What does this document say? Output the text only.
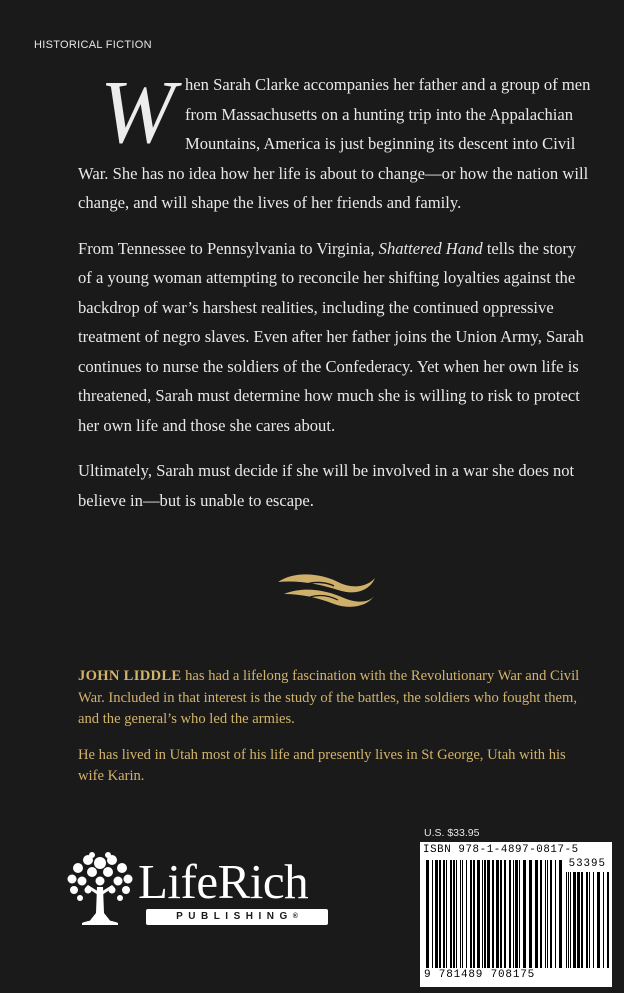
HISTORICAL FICTION

When Sarah Clarke accompanies her father and a group of men from Massachusetts on a hunting trip into the Appalachian Mountains, America is just beginning its descent into Civil War. She has no idea how her life is about to change—or how the nation will change, and will shape the lives of her friends and family.

From Tennessee to Pennsylvania to Virginia, Shattered Hand tells the story of a young woman attempting to reconcile her shifting loyalties against the backdrop of war’s harshest realities, including the continued oppressive treatment of negro slaves. Even after her father joins the Union Army, Sarah continues to nurse the soldiers of the Confederacy. Yet when her own life is threatened, Sarah must determine how much she is willing to risk to protect her own life and those she cares about.

Ultimately, Sarah must decide if she will be involved in a war she does not believe in—but is unable to escape.

JOHN LIDDLE has had a lifelong fascination with the Revolutionary War and Civil War. Included in that interest is the study of the battles, the soldiers who fought them, and the general’s who led the armies.

He has lived in Utah most of his life and presently lives in St George, Utah with his wife Karin.

LifeRich
PUBLISHING®
U.S. $33.95
ISBN 978-1-4897-0817-5
53395
9 781489 708175
